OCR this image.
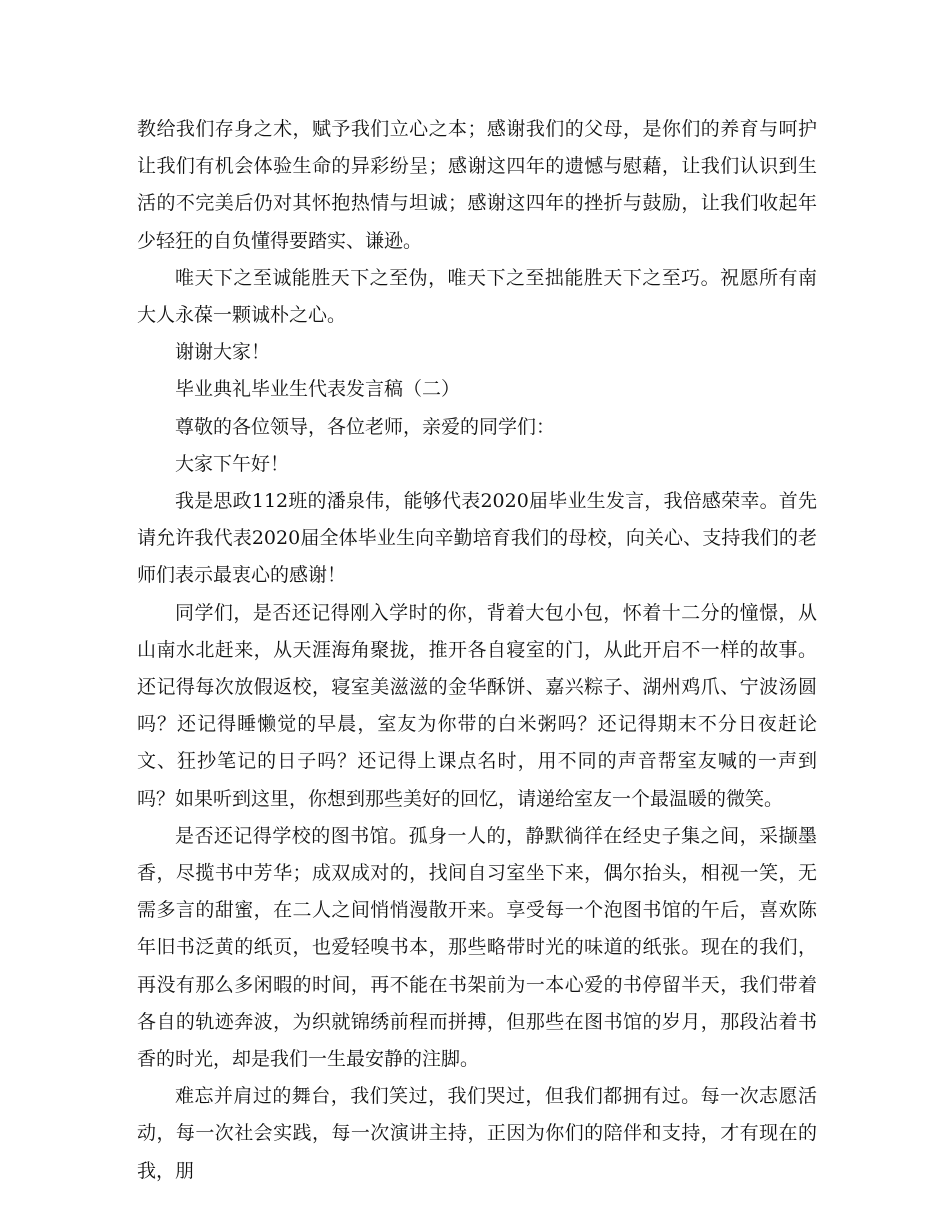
教给我们存身之术，赋予我们立心之本；感谢我们的父母，是你们的养育与呵护让我们有机会体验生命的异彩纷呈；感谢这四年的遗憾与慰藉，让我们认识到生活的不完美后仍对其怀抱热情与坦诚；感谢这四年的挫折与鼓励，让我们收起年少轻狂的自负懂得要踏实、谦逊。

唯天下之至诚能胜天下之至伪，唯天下之至拙能胜天下之至巧。祝愿所有南大人永葆一颗诚朴之心。

谢谢大家！

毕业典礼毕业生代表发言稿（二）

尊敬的各位领导，各位老师，亲爱的同学们：

大家下午好！

我是思政112班的潘泉伟，能够代表2020届毕业生发言，我倍感荣幸。首先请允许我代表2020届全体毕业生向辛勤培育我们的母校，向关心、支持我们的老师们表示最衷心的感谢！

同学们，是否还记得刚入学时的你，背着大包小包，怀着十二分的憧憬，从山南水北赶来，从天涯海角聚拢，推开各自寝室的门，从此开启不一样的故事。还记得每次放假返校，寝室美滋滋的金华酥饼、嘉兴粽子、湖州鸡爪、宁波汤圆吗？还记得睡懒觉的早晨，室友为你带的白米粥吗？还记得期末不分日夜赶论文、狂抄笔记的日子吗？还记得上课点名时，用不同的声音帮室友喊的一声到吗？如果听到这里，你想到那些美好的回忆，请递给室友一个最温暖的微笑。

是否还记得学校的图书馆。孤身一人的，静默徜徉在经史子集之间，采撷墨香，尽揽书中芳华；成双成对的，找间自习室坐下来，偶尔抬头，相视一笑，无需多言的甜蜜，在二人之间悄悄漫散开来。享受每一个泡图书馆的午后，喜欢陈年旧书泛黄的纸页，也爱轻嗅书本，那些略带时光的味道的纸张。现在的我们，再没有那么多闲暇的时间，再不能在书架前为一本心爱的书停留半天，我们带着各自的轨迹奔波，为织就锦绣前程而拼搏，但那些在图书馆的岁月，那段沾着书香的时光，却是我们一生最安静的注脚。

难忘并肩过的舞台，我们笑过，我们哭过，但我们都拥有过。每一次志愿活动，每一次社会实践，每一次演讲主持，正因为你们的陪伴和支持，才有现在的我，朋
